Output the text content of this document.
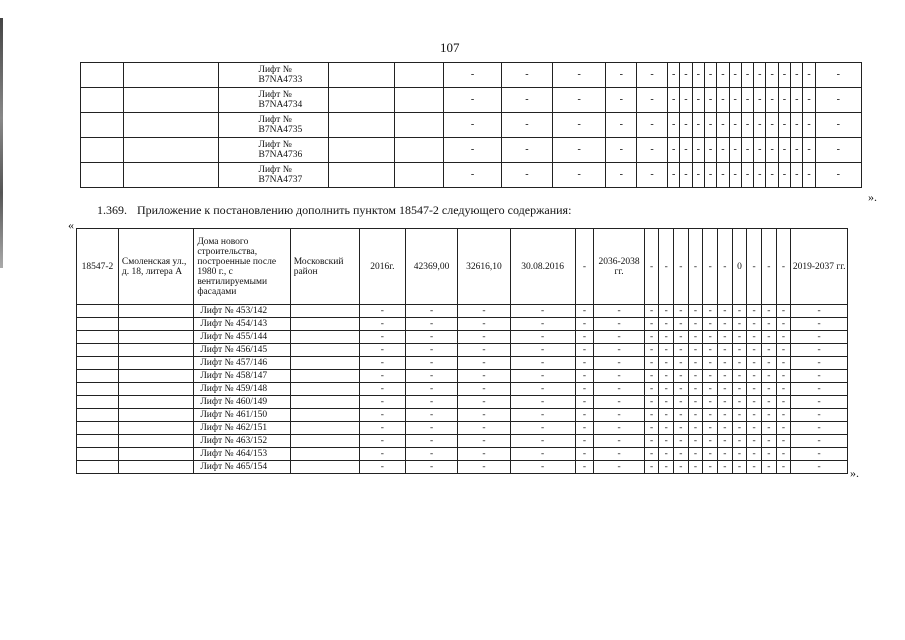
107
		Лифт № B7NA4733			-	-	-	-	-	-	-	-	-	-	-	-	-	-	-	-	-	-
		Лифт № B7NA4734			-	-	-	-	-	-	-	-	-	-	-	-	-	-	-	-	-	-
		Лифт № B7NA4735			-	-	-	-	-	-	-	-	-	-	-	-	-	-	-	-	-	-
		Лифт № B7NA4736			-	-	-	-	-	-	-	-	-	-	-	-	-	-	-	-	-	-
		Лифт № B7NA4737			-	-	-	-	-	-	-	-	-	-	-	-	-	-	-	-	-	-
».
1.369. Приложение к постановлению дополнить пунктом 18547-2 следующего содержания:
«
18547-2	Смоленская ул., д. 18, литера А	Дома нового строительства, построенные после 1980 г., с вентилируемыми фасадами	Московский район	2016г.	42369,00	32616,10	30.08.2016	-	2036-2038 гг.	-	-	-	-	-	-	0	-	-	-	2019-2037 гг.
		Лифт № 453/142		-	-	-	-	-	-	-	-	-	-	-	-	-	-	-	-	-
		Лифт № 454/143		-	-	-	-	-	-	-	-	-	-	-	-	-	-	-	-	-
		Лифт № 455/144		-	-	-	-	-	-	-	-	-	-	-	-	-	-	-	-	-
		Лифт № 456/145		-	-	-	-	-	-	-	-	-	-	-	-	-	-	-	-	-
		Лифт № 457/146		-	-	-	-	-	-	-	-	-	-	-	-	-	-	-	-	-
		Лифт № 458/147		-	-	-	-	-	-	-	-	-	-	-	-	-	-	-	-	-
		Лифт № 459/148		-	-	-	-	-	-	-	-	-	-	-	-	-	-	-	-	-
		Лифт № 460/149		-	-	-	-	-	-	-	-	-	-	-	-	-	-	-	-	-
		Лифт № 461/150		-	-	-	-	-	-	-	-	-	-	-	-	-	-	-	-	-
		Лифт № 462/151		-	-	-	-	-	-	-	-	-	-	-	-	-	-	-	-	-
		Лифт № 463/152		-	-	-	-	-	-	-	-	-	-	-	-	-	-	-	-	-
		Лифт № 464/153		-	-	-	-	-	-	-	-	-	-	-	-	-	-	-	-	-
		Лифт № 465/154		-	-	-	-	-	-	-	-	-	-	-	-	-	-	-	-	- ».
